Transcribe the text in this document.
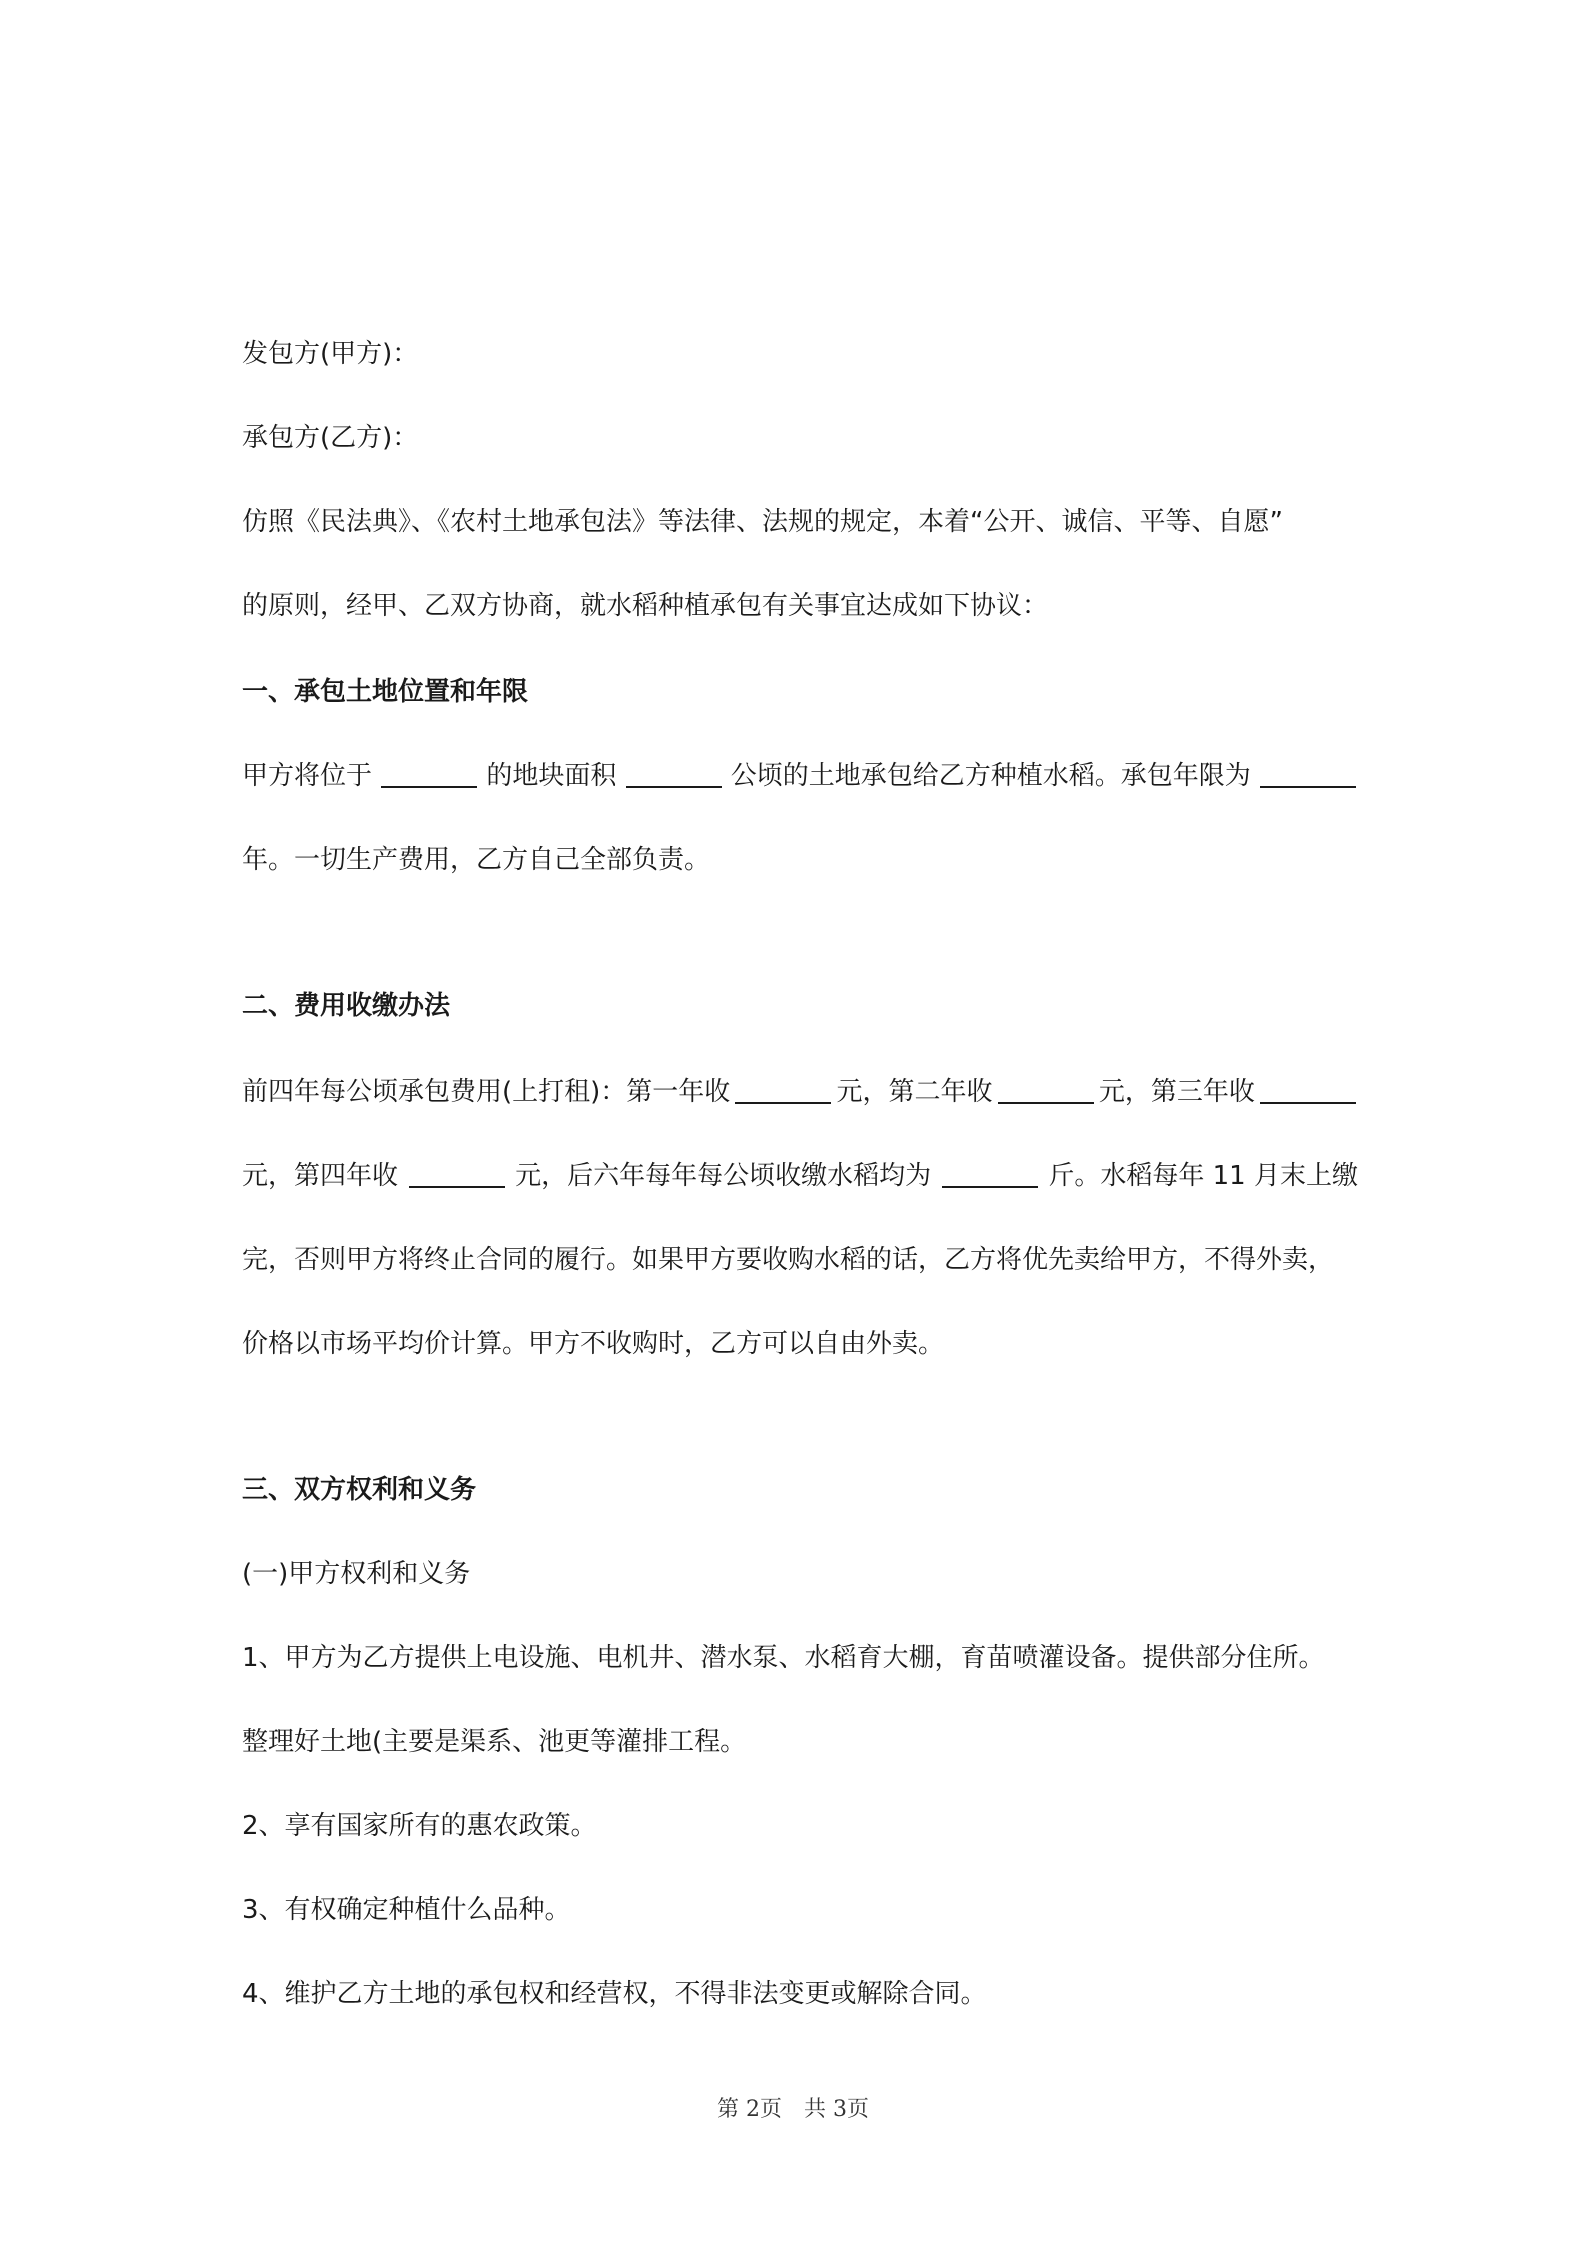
发包方(甲方)：
承包方(乙方)：
仿照《民法典》、《农村土地承包法》等法律、法规的规定，本着“公开、诚信、平等、自愿”
的原则，经甲、乙双方协商，就水稻种植承包有关事宜达成如下协议：
一、承包土地位置和年限
甲方将位于	的地块面积	公顷的土地承包给乙方种植水稻。承包年限为
年。一切生产费用，乙方自己全部负责。
二、费用收缴办法
前四年每公顷承包费用(上打租)：第一年收	元，第二年收	元，第三年收
元，第四年收	元，后六年每年每公顷收缴水稻均为	斤。水稻每年 11 月末上缴
完，否则甲方将终止合同的履行。如果甲方要收购水稻的话，乙方将优先卖给甲方，不得外卖，
价格以市场平均价计算。甲方不收购时，乙方可以自由外卖。
三、双方权利和义务
(一)甲方权利和义务
1、甲方为乙方提供上电设施、电机井、潜水泵、水稻育大棚，育苗喷灌设备。提供部分住所。
整理好土地(主要是渠系、池更等灌排工程。
2、享有国家所有的惠农政策。
3、有权确定种植什么品种。
4、维护乙方土地的承包权和经营权，不得非法变更或解除合同。
第 2页　共 3页
